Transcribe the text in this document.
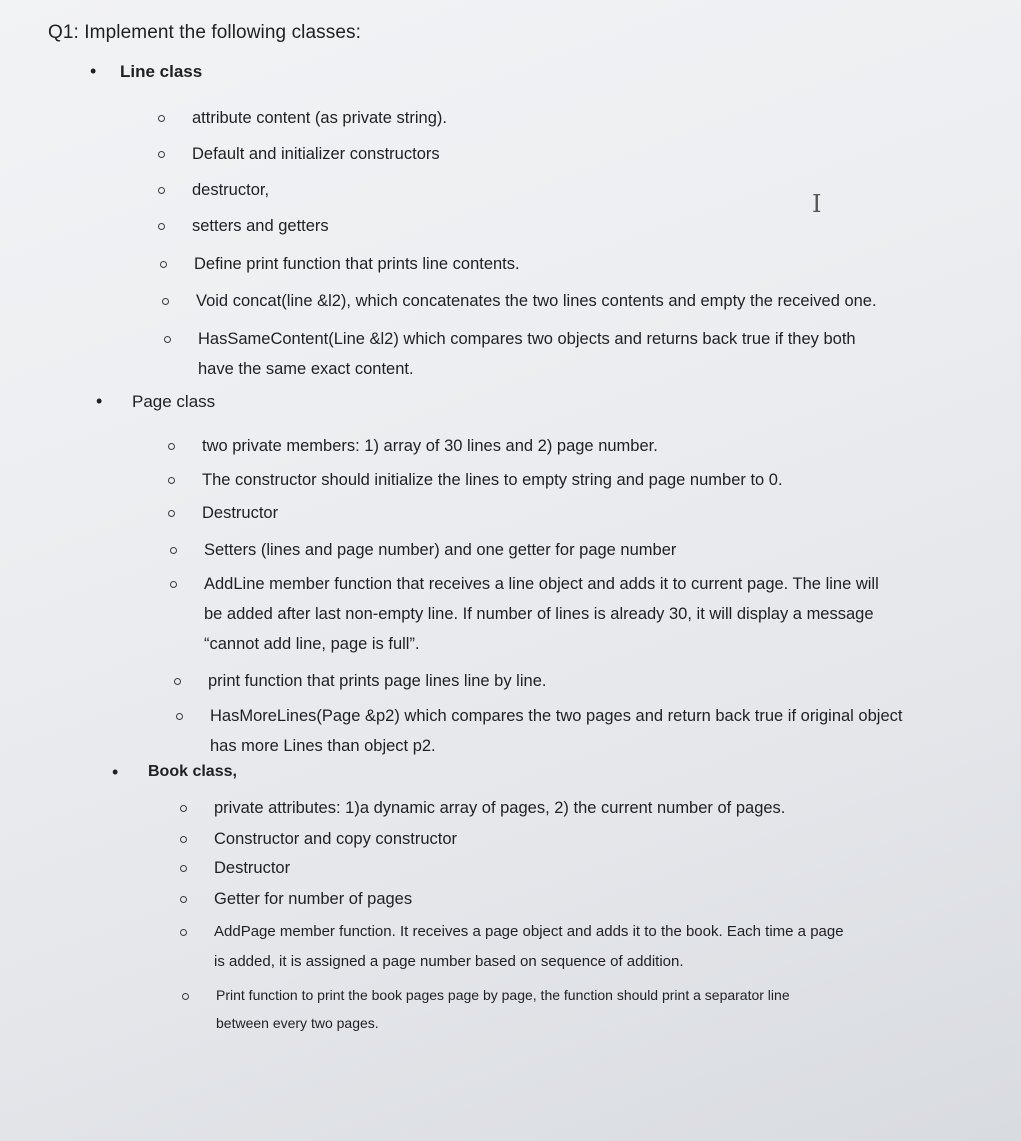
Q1: Implement the following classes:
• Line class
attribute content (as private string).
Default and initializer constructors
destructor,
setters and getters
Define print function that prints line contents.
Void concat(line &l2), which concatenates the two lines contents and empty the received one.
HasSameContent(Line &l2) which compares two objects and returns back true if they both
have the same exact content.
• Page class
two private members: 1) array of 30 lines and 2) page number.
The constructor should initialize the lines to empty string and page number to 0.
Destructor
Setters (lines and page number) and one getter for page number
AddLine member function that receives a line object and adds it to current page. The line will
be added after last non-empty line. If number of lines is already 30, it will display a message
“cannot add line, page is full”.
print function that prints page lines line by line.
HasMoreLines(Page &p2) which compares the two pages and return back true if original object
has more Lines than object p2.
• Book class,
private attributes: 1)a dynamic array of pages, 2) the current number of pages.
Constructor and copy constructor
Destructor
Getter for number of pages
AddPage member function. It receives a page object and adds it to the book. Each time a page
is added, it is assigned a page number based on sequence of addition.
Print function to print the book pages page by page, the function should print a separator line
between every two pages.
I
